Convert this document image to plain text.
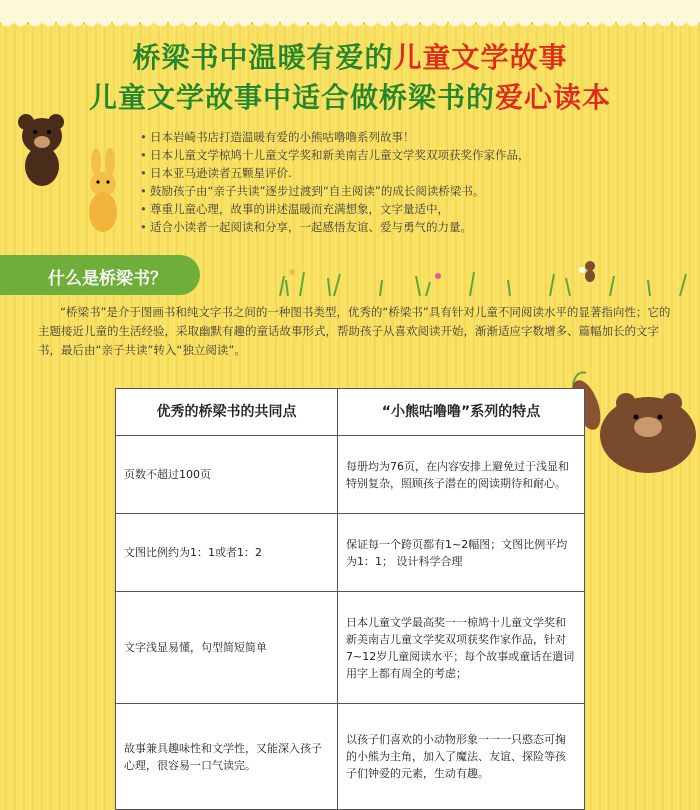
桥梁书中温暖有爱的儿童文学故事
儿童文学故事中适合做桥梁书的爱心读本
• 日本岩崎书店打造温暖有爱的小熊咕噜噜系列故事！
• 日本儿童文学椋鸠十儿童文学奖和新美南吉儿童文学奖双项获奖作家作品，
• 日本亚马逊读者五颗星评价.
• 鼓励孩子由“亲子共读”逐步过渡到“自主阅读”的成长阅读桥梁书。
• 尊重儿童心理，故事的讲述温暖而充满想象，文字量适中，
• 适合小读者一起阅读和分享，一起感悟友谊、爱与勇气的力量。
什么是桥梁书？
“桥梁书”是介于图画书和纯文字书之间的一种图书类型，优秀的“桥梁书”具有针对儿童不同阅读水平的显著指向性；它的主题接近儿童的生活经验，采取幽默有趣的童话故事形式，帮助孩子从喜欢阅读开始，渐渐适应字数增多、篇幅加长的文字书，最后由“亲子共读”转入“独立阅读”。
优秀的桥梁书的共同点	“小熊咕噜噜”系列的特点
页数不超过100页	每册均为76页，在内容安排上避免过于浅显和特别复杂，照顾孩子潜在的阅读期待和耐心。
文图比例约为1：1或者1：2	保证每一个跨页都有1~2幅图；文图比例平均为1：1； 设计科学合理
文字浅显易懂，句型简短简单	日本儿童文学最高奖一一椋鸠十儿童文学奖和新美南吉儿童文学奖双项获奖作家作品，针对7~12岁儿童阅读水平；每个故事或童话在遣词用字上都有周全的考虑；
故事兼具趣味性和文学性，又能深入孩子心理，很容易一口气读完。	以孩子们喜欢的小动物形象一一一只憨态可掬的小熊为主角，加入了魔法、友谊、探险等孩子们钟爱的元素，生动有趣。
